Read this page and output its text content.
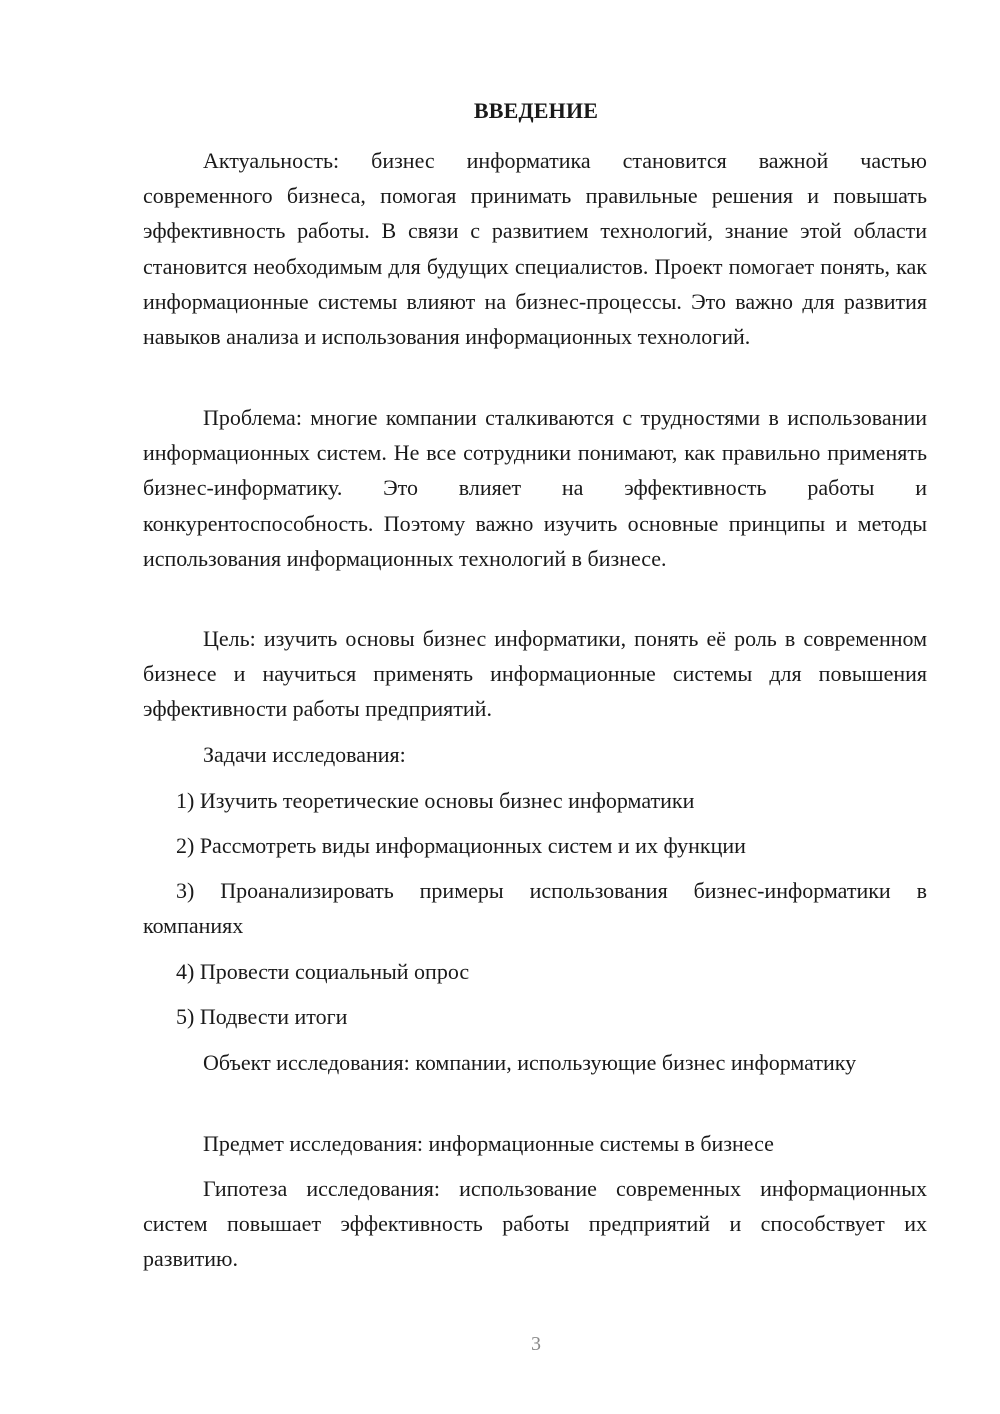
ВВЕДЕНИЕ
Актуальность: бизнес информатика становится важной частью современного бизнеса, помогая принимать правильные решения и повышать эффективность работы. В связи с развитием технологий, знание этой области становится необходимым для будущих специалистов. Проект помогает понять, как информационные системы влияют на бизнес-процессы. Это важно для развития навыков анализа и использования информационных технологий.
Проблема: многие компании сталкиваются с трудностями в использовании информационных систем. Не все сотрудники понимают, как правильно применять бизнес-информатику. Это влияет на эффективность работы и конкурентоспособность. Поэтому важно изучить основные принципы и методы использования информационных технологий в бизнесе.
Цель: изучить основы бизнес информатики, понять её роль в современном бизнесе и научиться применять информационные системы для повышения эффективности работы предприятий.
Задачи исследования:
1) Изучить теоретические основы бизнес информатики
2) Рассмотреть виды информационных систем и их функции
3) Проанализировать примеры использования бизнес-информатики в компаниях
4) Провести социальный опрос
5) Подвести итоги
Объект исследования: компании, использующие бизнес информатику
Предмет исследования: информационные системы в бизнесе
Гипотеза исследования: использование современных информационных систем повышает эффективность работы предприятий и способствует их развитию.
3
